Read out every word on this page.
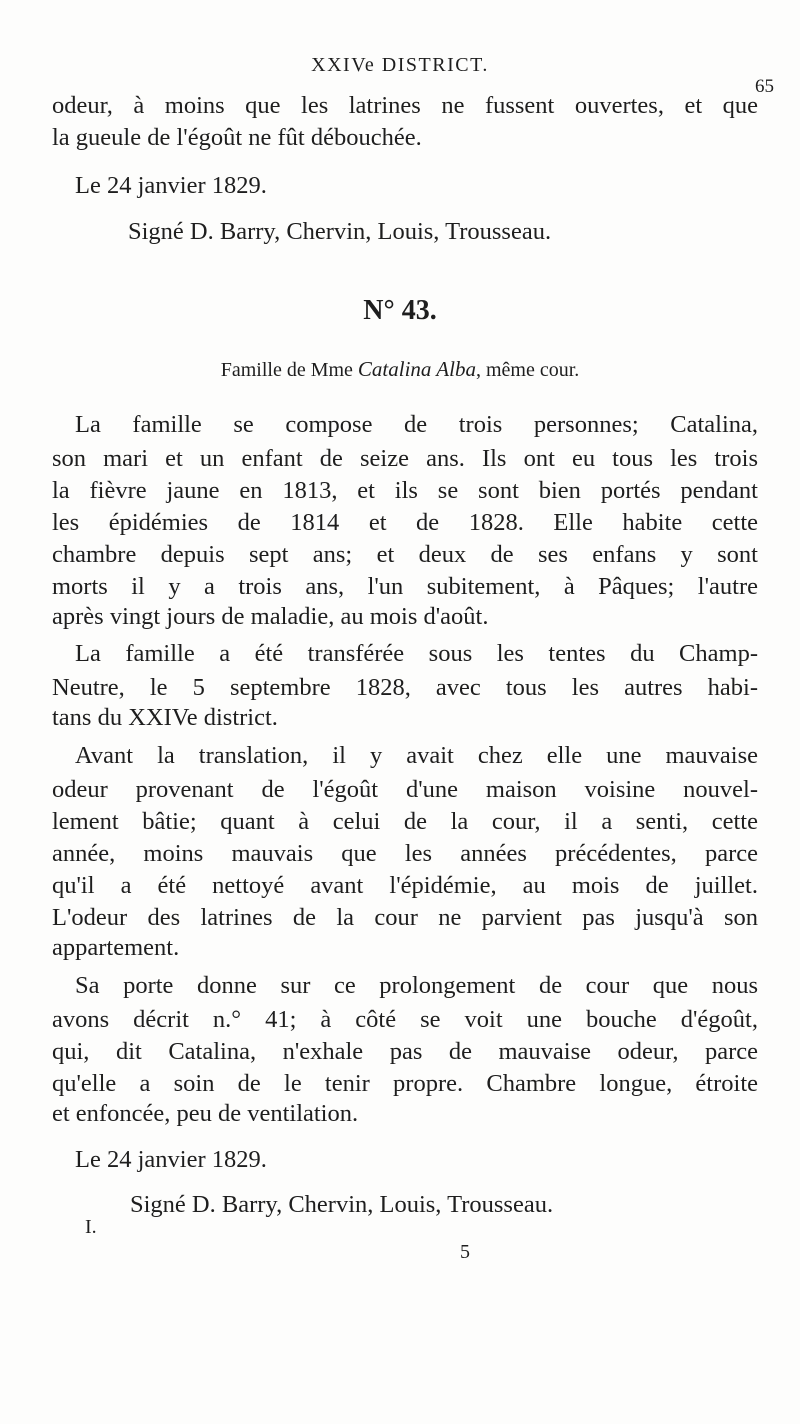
XXIVe DISTRICT.
65
odeur, à moins que les latrines ne fussent ouvertes, et que
la gueule de l'égoût ne fût débouchée.
Le 24 janvier 1829.
Signé D. Barry, Chervin, Louis, Trousseau.
N° 43.
Famille de Mme Catalina Alba, même cour.
La famille se compose de trois personnes; Catalina,
son mari et un enfant de seize ans. Ils ont eu tous les trois
la fièvre jaune en 1813, et ils se sont bien portés pendant
les épidémies de 1814 et de 1828. Elle habite cette
chambre depuis sept ans; et deux de ses enfans y sont
morts il y a trois ans, l'un subitement, à Pâques; l'autre
après vingt jours de maladie, au mois d'août.
La famille a été transférée sous les tentes du Champ-
Neutre, le 5 septembre 1828, avec tous les autres habi-
tans du XXIVe district.
Avant la translation, il y avait chez elle une mauvaise
odeur provenant de l'égoût d'une maison voisine nouvel-
lement bâtie; quant à celui de la cour, il a senti, cette
année, moins mauvais que les années précédentes, parce
qu'il a été nettoyé avant l'épidémie, au mois de juillet.
L'odeur des latrines de la cour ne parvient pas jusqu'à son
appartement.
Sa porte donne sur ce prolongement de cour que nous
avons décrit n.° 41; à côté se voit une bouche d'égoût,
qui, dit Catalina, n'exhale pas de mauvaise odeur, parce
qu'elle a soin de le tenir propre. Chambre longue, étroite
et enfoncée, peu de ventilation.
Le 24 janvier 1829.
Signé D. Barry, Chervin, Louis, Trousseau.
I.
5
